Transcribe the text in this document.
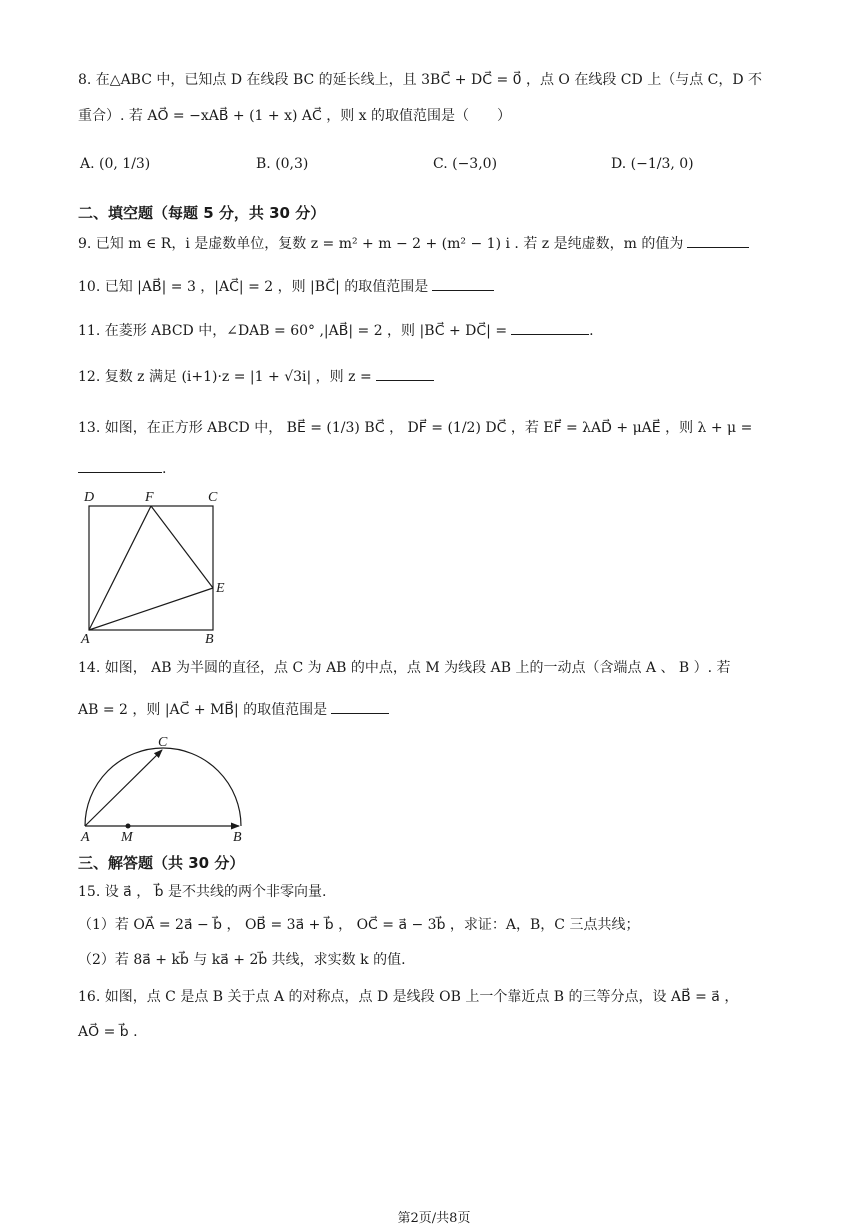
8. 在△ABC 中，已知点 D 在线段 BC 的延长线上，且 3BC⃗ + DC⃗ = 0⃗ ，点 O 在线段 CD 上（与点 C，D 不
重合）. 若 AO⃗ = −xAB⃗ + (1 + x) AC⃗ ，则 x 的取值范围是（　　）
A. (0, 1/3)	B. (0,3)	C. (−3,0)	D. (−1/3, 0)
二、填空题（每题 5 分，共 30 分）
9. 已知 m ∈ R，i 是虚数单位，复数 z = m² + m − 2 + (m² − 1) i . 若 z 是纯虚数，m 的值为
10. 已知 |AB⃗| = 3 ，|AC⃗| = 2 ，则 |BC⃗| 的取值范围是
11. 在菱形 ABCD 中，∠DAB = 60° ,|AB⃗| = 2 ，则 |BC⃗ + DC⃗| =	.
12. 复数 z 满足 (i+1)·z = |1 + √3i| ，则 z =
13. 如图，在正方形 ABCD 中， BE⃗ = (1/3) BC⃗ ， DF⃗ = (1/2) DC⃗ ，若 EF⃗ = λAD⃗ + μAE⃗ ，则 λ + μ =
.
D	F	C
E
A	B
14. 如图， AB 为半圆的直径，点 C 为 AB 的中点，点 M 为线段 AB 上的一动点（含端点 A 、 B ）. 若
AB = 2 ，则 |AC⃗ + MB⃗| 的取值范围是
C
A M	B
三、解答题（共 30 分）
15. 设 a⃗ ， b⃗ 是不共线的两个非零向量.
（1）若 OA⃗ = 2a⃗ − b⃗ ， OB⃗ = 3a⃗ + b⃗ ， OC⃗ = a⃗ − 3b⃗ ，求证：A，B，C 三点共线；
（2）若 8a⃗ + kb⃗ 与 ka⃗ + 2b⃗ 共线，求实数 k 的值.
16. 如图，点 C 是点 B 关于点 A 的对称点，点 D 是线段 OB 上一个靠近点 B 的三等分点，设 AB⃗ = a⃗ ，
AO⃗ = b⃗ .
第2页/共8页
